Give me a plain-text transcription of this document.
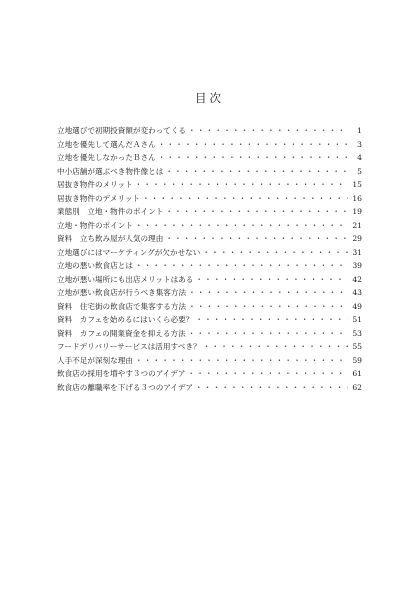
目次
立地選びで初期投資額が変わってくる ・・・・・・・・・・・・・・・・・・・・・・・・・・・・・・・・・・・・・・・・・・・・・・・・・	1
立地を優先して選んだＡさん ・・・・・・・・・・・・・・・・・・・・・・・・・・・・・・・・・・・・・・・・・・・・・・・・・	3
立地を優先しなかったＢさん ・・・・・・・・・・・・・・・・・・・・・・・・・・・・・・・・・・・・・・・・・・・・・・・・・	4
中小店舗が選ぶべき物件像とは ・・・・・・・・・・・・・・・・・・・・・・・・・・・・・・・・・・・・・・・・・・・・・・・・・	5
居抜き物件のメリット ・・・・・・・・・・・・・・・・・・・・・・・・・・・・・・・・・・・・・・・・・・・・・・・・・	15
居抜き物件のデメリット ・・・・・・・・・・・・・・・・・・・・・・・・・・・・・・・・・・・・・・・・・・・・・・・・・	16
業態別　立地・物件のポイント ・・・・・・・・・・・・・・・・・・・・・・・・・・・・・・・・・・・・・・・・・・・・・・・・・	19
立地・物件のポイント ・・・・・・・・・・・・・・・・・・・・・・・・・・・・・・・・・・・・・・・・・・・・・・・・・	21
資料　立ち飲み屋が人気の理由 ・・・・・・・・・・・・・・・・・・・・・・・・・・・・・・・・・・・・・・・・・・・・・・・・・	29
立地選びにはマーケティングが欠かせない ・・・・・・・・・・・・・・・・・・・・・・・・・・・・・・・・・・・・・・・・・・・・・・・・・	31
立地の悪い飲食店とは ・・・・・・・・・・・・・・・・・・・・・・・・・・・・・・・・・・・・・・・・・・・・・・・・・	39
立地が悪い場所にも出店メリットはある ・・・・・・・・・・・・・・・・・・・・・・・・・・・・・・・・・・・・・・・・・・・・・・・・・	42
立地が悪い飲食店が行うべき集客方法 ・・・・・・・・・・・・・・・・・・・・・・・・・・・・・・・・・・・・・・・・・・・・・・・・・	43
資料　住宅街の飲食店で集客する方法 ・・・・・・・・・・・・・・・・・・・・・・・・・・・・・・・・・・・・・・・・・・・・・・・・・	49
資料　カフェを始めるにはいくら必要？ ・・・・・・・・・・・・・・・・・・・・・・・・・・・・・・・・・・・・・・・・・・・・・・・・・	51
資料　カフェの開業資金を抑える方法 ・・・・・・・・・・・・・・・・・・・・・・・・・・・・・・・・・・・・・・・・・・・・・・・・・	53
フードデリバリーサービスは活用すべき？ ・・・・・・・・・・・・・・・・・・・・・・・・・・・・・・・・・・・・・・・・・・・・・・・・・	55
人手不足が深刻な理由 ・・・・・・・・・・・・・・・・・・・・・・・・・・・・・・・・・・・・・・・・・・・・・・・・・	59
飲食店の採用を増やす３つのアイデア ・・・・・・・・・・・・・・・・・・・・・・・・・・・・・・・・・・・・・・・・・・・・・・・・・	61
飲食店の離職率を下げる３つのアイデア ・・・・・・・・・・・・・・・・・・・・・・・・・・・・・・・・・・・・・・・・・・・・・・・・・	62
